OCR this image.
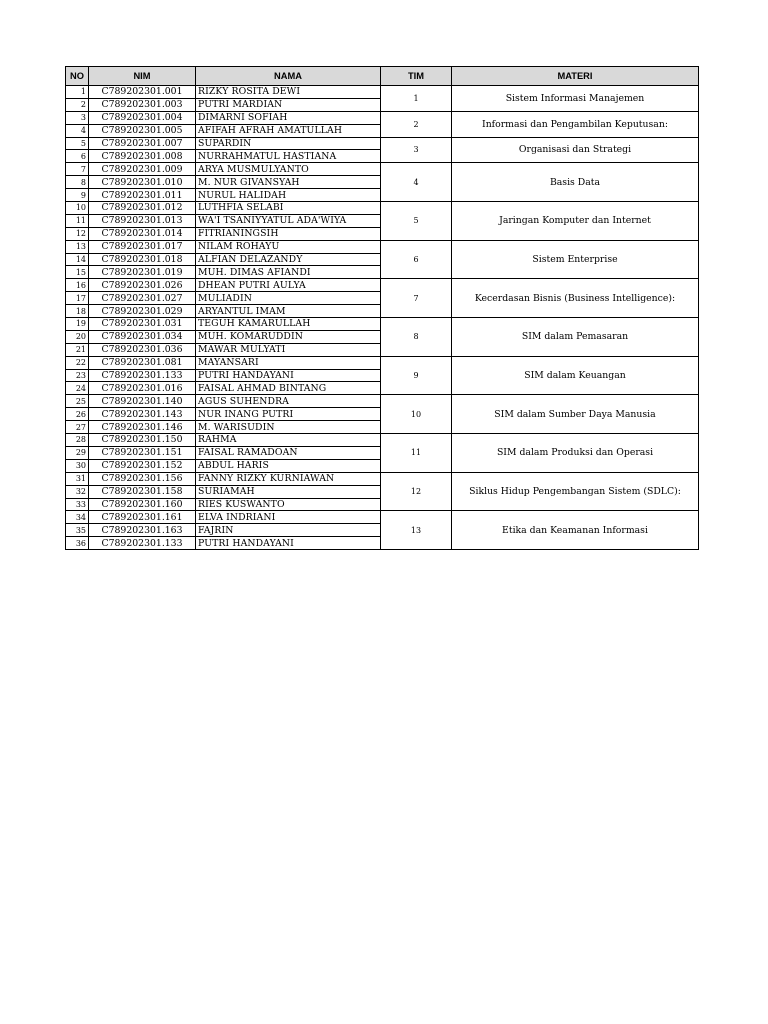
NO	NIM	NAMA	TIM	MATERI
1	C789202301.001	RIZKY ROSITA DEWI	1	Sistem Informasi Manajemen
2	C789202301.003	PUTRI MARDIAN		
3	C789202301.004	DIMARNI SOFIAH	2	Informasi dan Pengambilan Keputusan:
4	C789202301.005	AFIFAH AFRAH AMATULLAH		
5	C789202301.007	SUPARDIN	3	Organisasi dan Strategi
6	C789202301.008	NURRAHMATUL HASTIANA		
7	C789202301.009	ARYA MUSMULYANTO	4	Basis Data
8	C789202301.010	M. NUR GIVANSYAH		
9	C789202301.011	NURUL HALIDAH		
10	C789202301.012	LUTHFIA SELABI	5	Jaringan Komputer dan Internet
11	C789202301.013	WA'I TSANIYYATUL ADA'WIYA		
12	C789202301.014	FITRIANINGSIH		
13	C789202301.017	NILAM ROHAYU	6	Sistem Enterprise
14	C789202301.018	ALFIAN DELAZANDY		
15	C789202301.019	MUH. DIMAS AFIANDI		
16	C789202301.026	DHEAN PUTRI AULYA	7	Kecerdasan Bisnis (Business Intelligence):
17	C789202301.027	MULIADIN		
18	C789202301.029	ARYANTUL IMAM		
19	C789202301.031	TEGUH KAMARULLAH	8	SIM dalam Pemasaran
20	C789202301.034	MUH. KOMARUDDIN		
21	C789202301.036	MAWAR MULYATI		
22	C789202301.081	MAYANSARI	9	SIM dalam Keuangan
23	C789202301.133	PUTRI HANDAYANI		
24	C789202301.016	FAISAL AHMAD BINTANG		
25	C789202301.140	AGUS SUHENDRA	10	SIM dalam Sumber Daya Manusia
26	C789202301.143	NUR INANG PUTRI		
27	C789202301.146	M. WARISUDIN		
28	C789202301.150	RAHMA	11	SIM dalam Produksi dan Operasi
29	C789202301.151	FAISAL RAMADOAN		
30	C789202301.152	ABDUL HARIS		
31	C789202301.156	FANNY RIZKY KURNIAWAN	12	Siklus Hidup Pengembangan Sistem (SDLC):
32	C789202301.158	SURIAMAH		
33	C789202301.160	RIES KUSWANTO		
34	C789202301.161	ELVA INDRIANI	13	Etika dan Keamanan Informasi
35	C789202301.163	FAJRIN		
36	C789202301.133	PUTRI HANDAYANI		
